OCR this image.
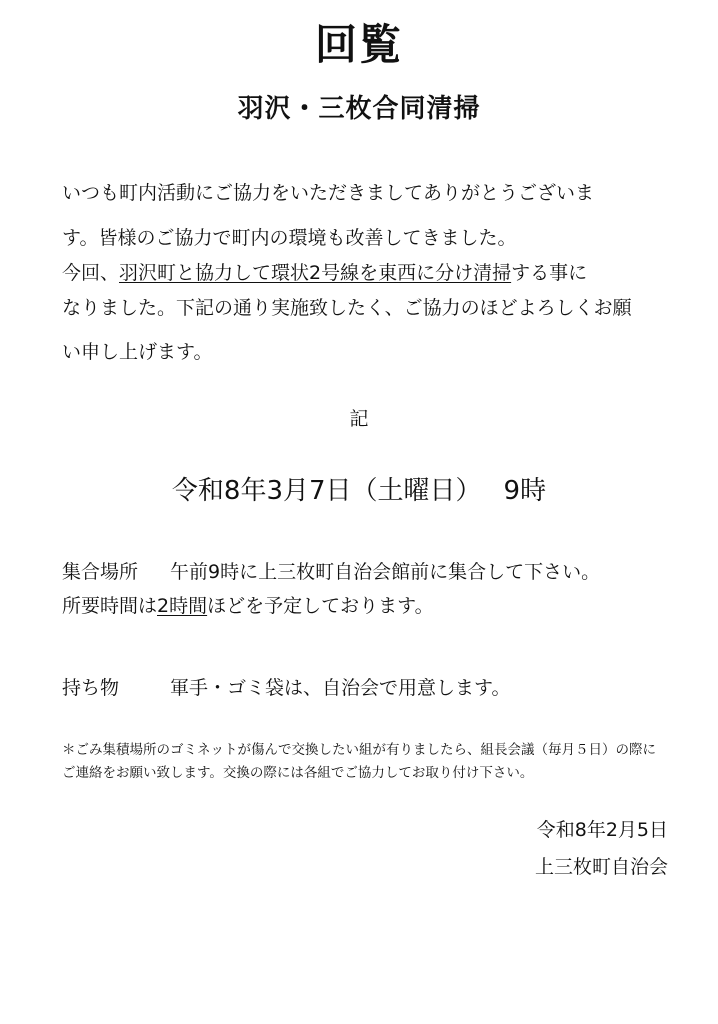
回覧
羽沢・三枚合同清掃
いつも町内活動にご協力をいただきましてありがとうございま
す。皆様のご協力で町内の環境も改善してきました。
今回、羽沢町と協力して環状2号線を東西に分け清掃する事に
なりました。下記の通り実施致したく、ご協力のほどよろしくお願
い申し上げます。
記
令和8年3月7日（土曜日） 9時
集合場所 午前9時に上三枚町自治会館前に集合して下さい。
所要時間は2時間ほどを予定しております。
持ち物	軍手・ゴミ袋は、自治会で用意します。
＊ごみ集積場所のゴミネットが傷んで交換したい組が有りましたら、組長会議（毎月５日）の際に
ご連絡をお願い致します。交換の際には各組でご協力してお取り付け下さい。
令和8年2月5日
上三枚町自治会
